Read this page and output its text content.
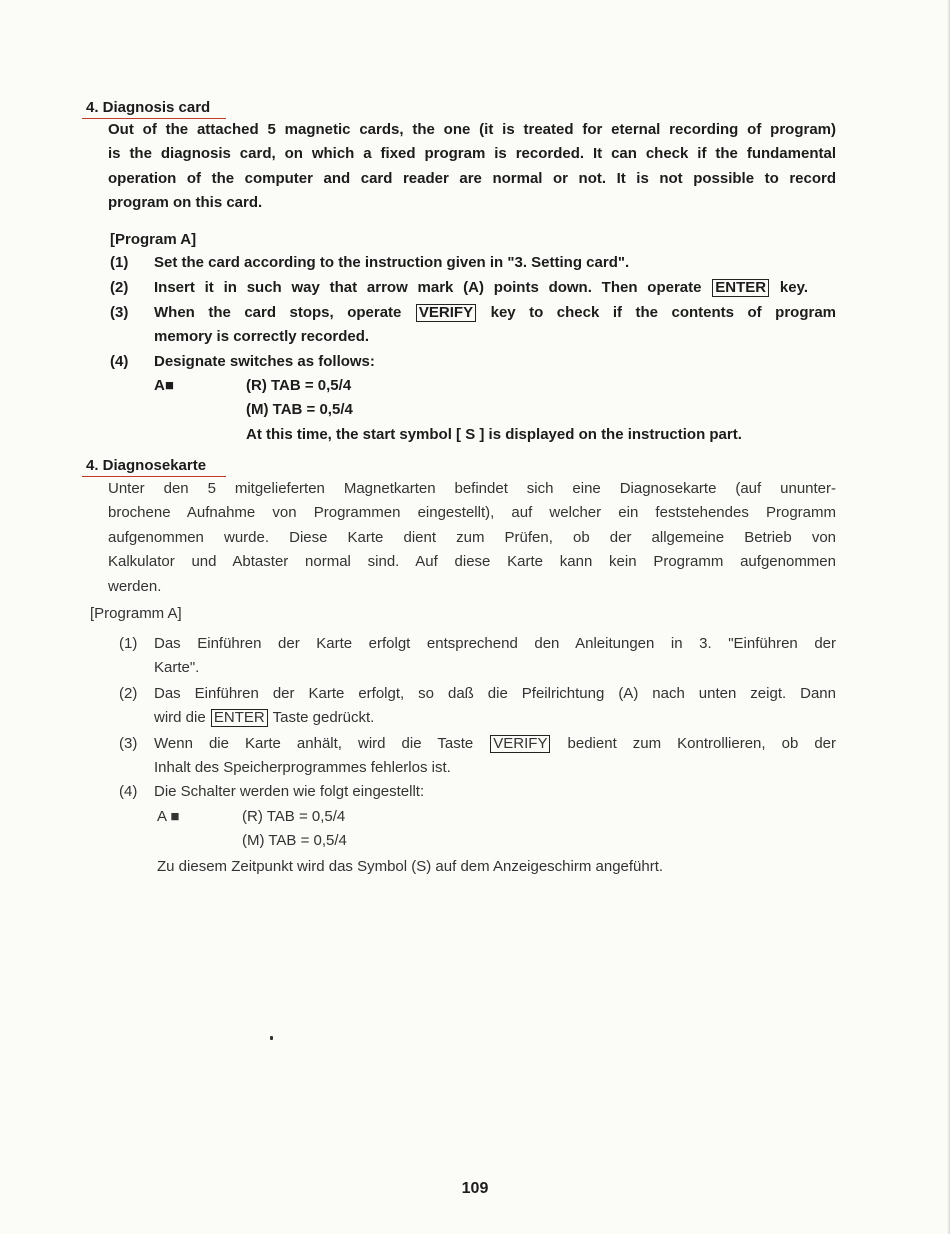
4. Diagnosis card
Out of the attached 5 magnetic cards, the one (it is treated for eternal recording of program)
is the diagnosis card, on which a fixed program is recorded. It can check if the fundamental
operation of the computer and card reader are normal or not. It is not possible to record
program on this card.
[Program A]
(1) Set the card according to the instruction given in "3. Setting card".
(2) Insert it in such way that arrow mark (A) points down. Then operate ENTER key.
(3) When the card stops, operate VERIFY key to check if the contents of program
memory is correctly recorded.
(4) Designate switches as follows:
A■	(R) TAB = 0,5/4
(M) TAB = 0,5/4
At this time, the start symbol [ Ѕ ] is displayed on the instruction part.
4. Diagnosekarte
Unter den 5 mitgelieferten Magnetkarten befindet sich eine Diagnosekarte (auf ununter-
brochene Aufnahme von Programmen eingestellt), auf welcher ein feststehendes Programm
aufgenommen wurde. Diese Karte dient zum Prüfen, ob der allgemeine Betrieb von
Kalkulator und Abtaster normal sind. Auf diese Karte kann kein Programm aufgenommen
werden.
[Programm A]
(1) Das Einführen der Karte erfolgt entsprechend den Anleitungen in 3. "Einführen der
Karte".
(2) Das Einführen der Karte erfolgt, so daß die Pfeilrichtung (A) nach unten zeigt. Dann
wird die ENTER Taste gedrückt.
(3) Wenn die Karte anhält, wird die Taste VERIFY bedient zum Kontrollieren, ob der
Inhalt des Speicherprogrammes fehlerlos ist.
(4) Die Schalter werden wie folgt eingestellt:
A ■	(R) TAB = 0,5/4
(M) TAB = 0,5/4
Zu diesem Zeitpunkt wird das Symbol (Ѕ) auf dem Anzeigeschirm angeführt.
109
